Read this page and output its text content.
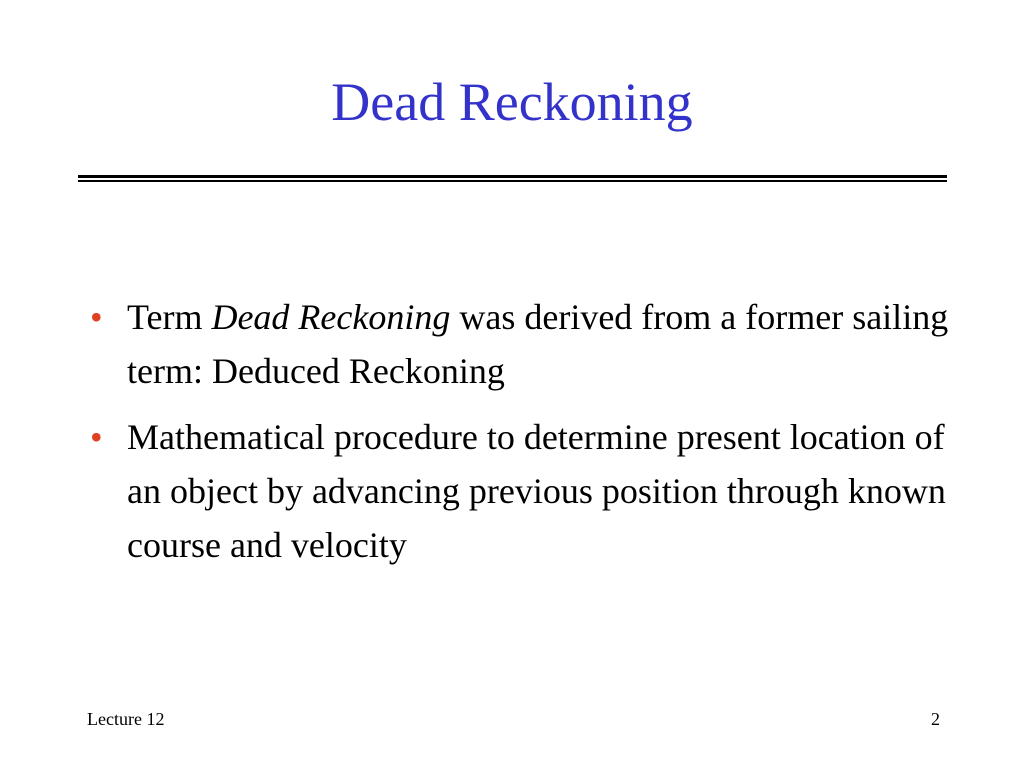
Dead Reckoning
• Term Dead Reckoning was derived from a former sailing term: Deduced Reckoning
• Mathematical procedure to determine present location of an object by advancing previous position through known course and velocity
Lecture 12	2
